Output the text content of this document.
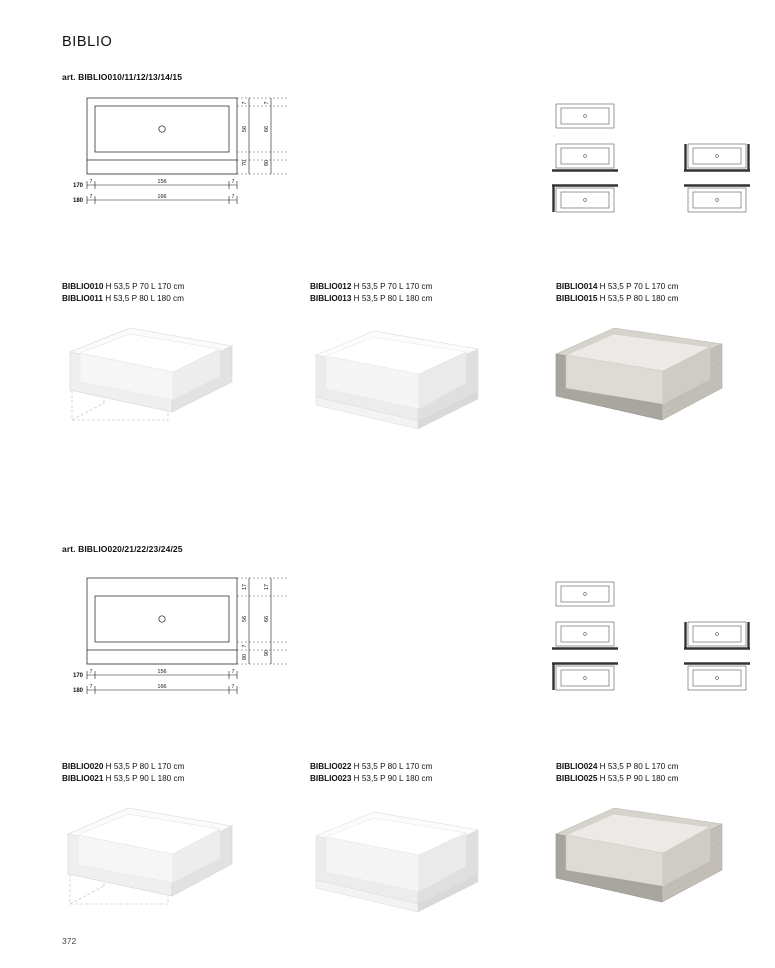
BIBLIO
art. BIBLIO010/11/12/13/14/15
7
56
70
7
66
80
7	156	7
7	166	7
170
180
BIBLIO010 H 53,5 P 70 L 170 cm
BIBLIO011 H 53,5 P 80 L 180 cm
BIBLIO012 H 53,5 P 70 L 170 cm
BIBLIO013 H 53,5 P 80 L 180 cm
BIBLIO014 H 53,5 P 70 L 170 cm
BIBLIO015 H 53,5 P 80 L 180 cm
art. BIBLIO020/21/22/23/24/25
17
56
7
80
17
66
90
7	156	7
7	166	7
170
180
BIBLIO020 H 53,5 P 80 L 170 cm
BIBLIO021 H 53,5 P 90 L 180 cm
BIBLIO022 H 53,5 P 80 L 170 cm
BIBLIO023 H 53,5 P 90 L 180 cm
BIBLIO024 H 53,5 P 80 L 170 cm
BIBLIO025 H 53,5 P 90 L 180 cm
372
